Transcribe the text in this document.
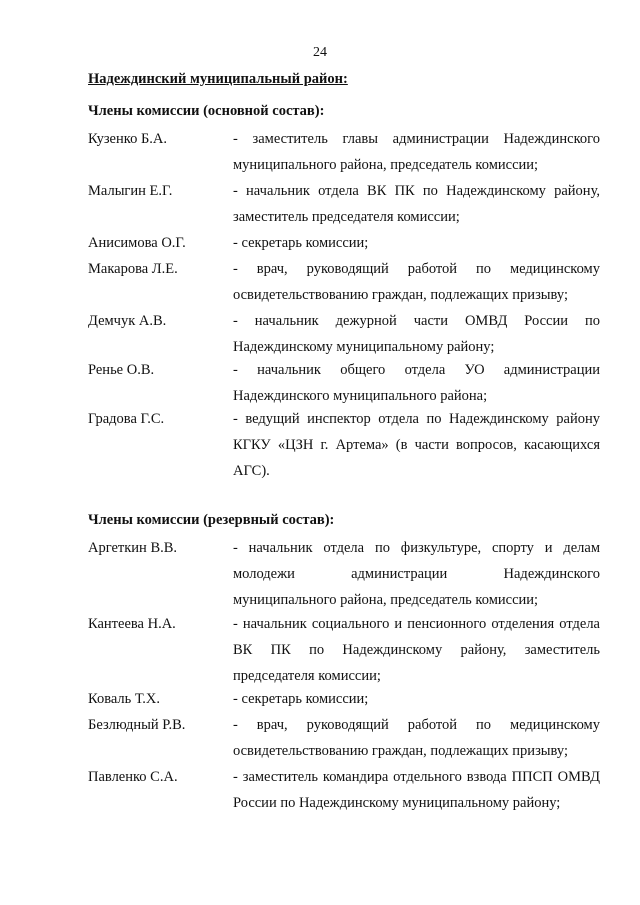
24
Надеждинский муниципальный район:
Члены комиссии (основной состав):
Кузенко Б.А.	- заместитель главы администрации Надеждинского муниципального района, председатель комиссии;
Малыгин Е.Г.	- начальник отдела ВК ПК по Надеждинскому району, заместитель председателя комиссии;
Анисимова О.Г.	- секретарь комиссии;
Макарова Л.Е.	- врач, руководящий работой по медицинскому освидетельствованию граждан, подлежащих призыву;
Демчук А.В.	- начальник дежурной части ОМВД России по Надеждинскому муниципальному району;
Ренье О.В.	- начальник общего отдела УО администрации Надеждинского муниципального района;
Градова Г.С.	- ведущий инспектор отдела по Надеждинскому району КГКУ «ЦЗН г. Артема» (в части вопросов, касающихся АГС).
Члены комиссии (резервный состав):
Аргеткин В.В.	- начальник отдела по физкультуре, спорту и делам молодежи администрации Надеждинского муниципального района, председатель комиссии;
Кантеева Н.А.	- начальник социального и пенсионного отделения отдела ВК ПК по Надеждинскому району, заместитель председателя комиссии;
Коваль Т.Х.	- секретарь комиссии;
Безлюдный Р.В.	- врач, руководящий работой по медицинскому освидетельствованию граждан, подлежащих призыву;
Павленко С.А.	- заместитель командира отдельного взвода ППСП ОМВД России по Надеждинскому муниципальному району;
